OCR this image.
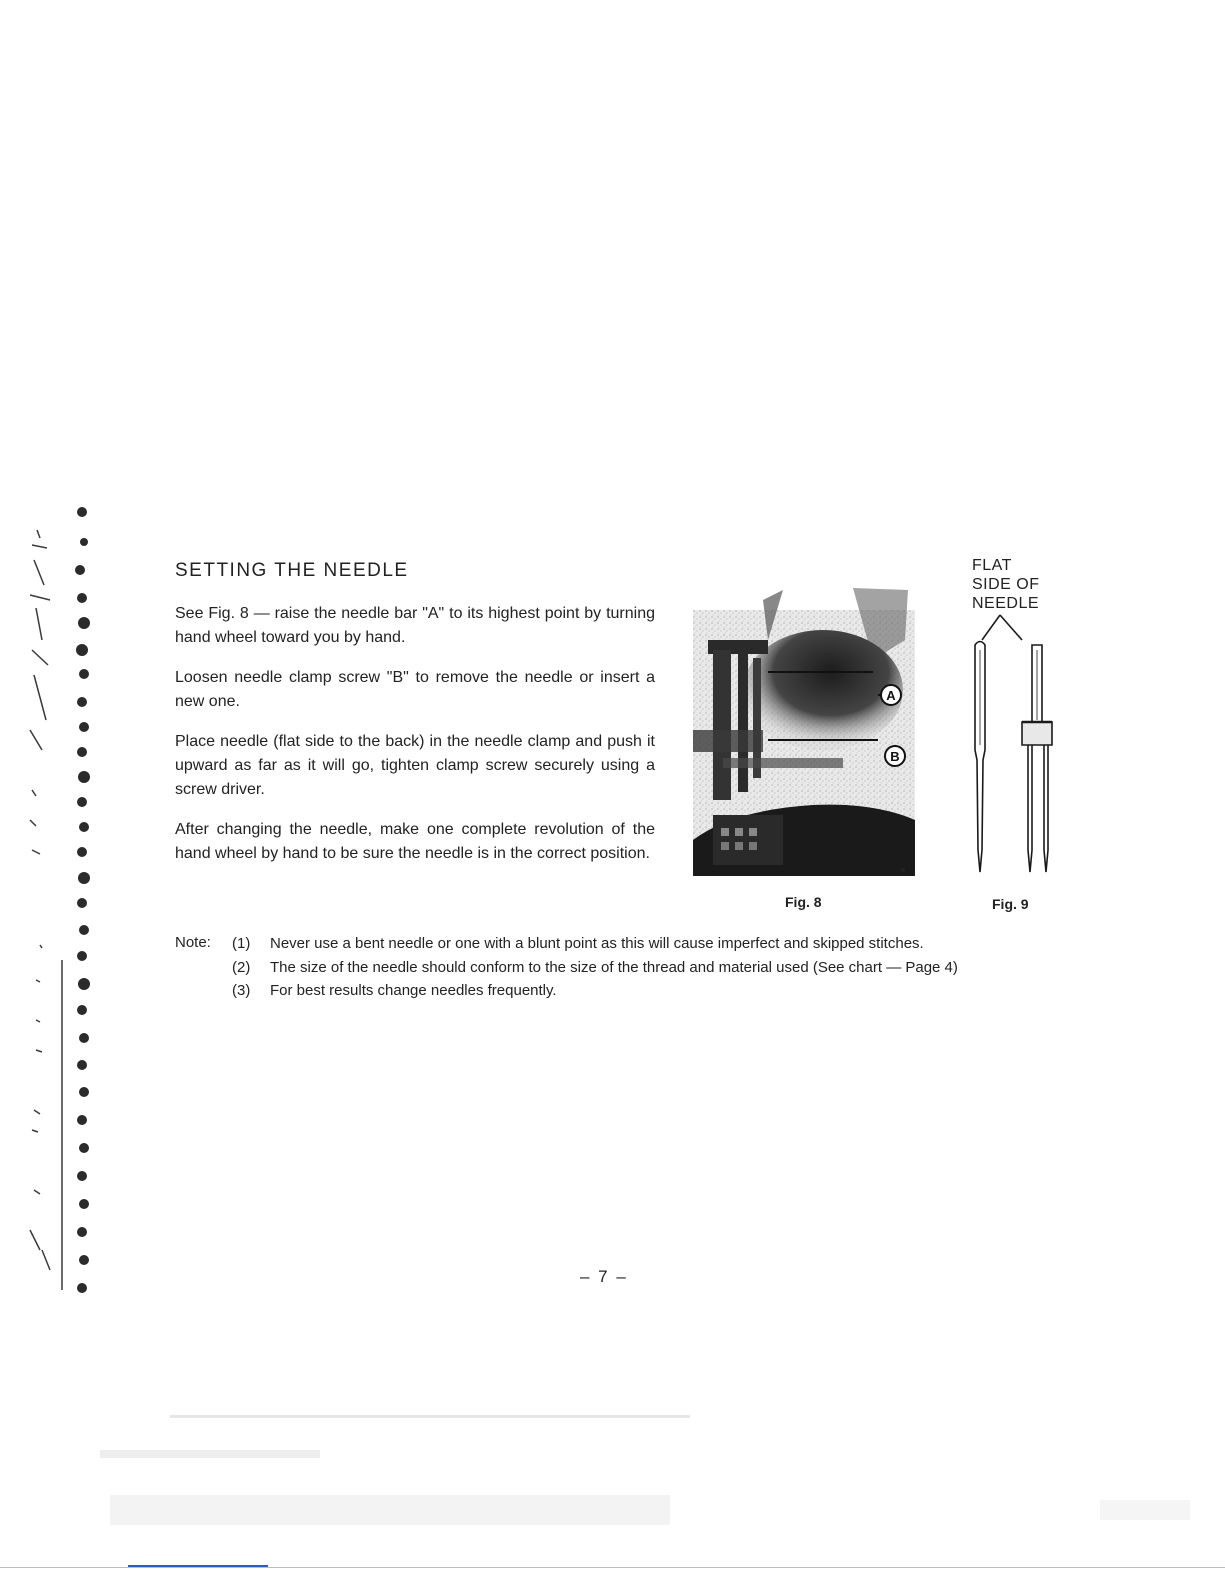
SETTING THE NEEDLE
See Fig. 8 — raise the needle bar "A" to its highest point by turning hand wheel toward you by hand.
Loosen needle clamp screw "B" to remove the needle or insert a new one.
Place needle (flat side to the back) in the needle clamp and push it upward as far as it will go, tighten clamp screw securely using a screw driver.
After changing the needle, make one complete revolution of the hand wheel by hand to be sure the needle is in the correct position.
A
B
Fig. 8
FLAT
SIDE OF
NEEDLE
Fig. 9
Note: (1) Never use a bent needle or one with a blunt point as this will cause imperfect and skipped stitches.
(2) The size of the needle should conform to the size of the thread and material used (See chart — Page 4)
(3) For best results change needles frequently.
– 7 –
